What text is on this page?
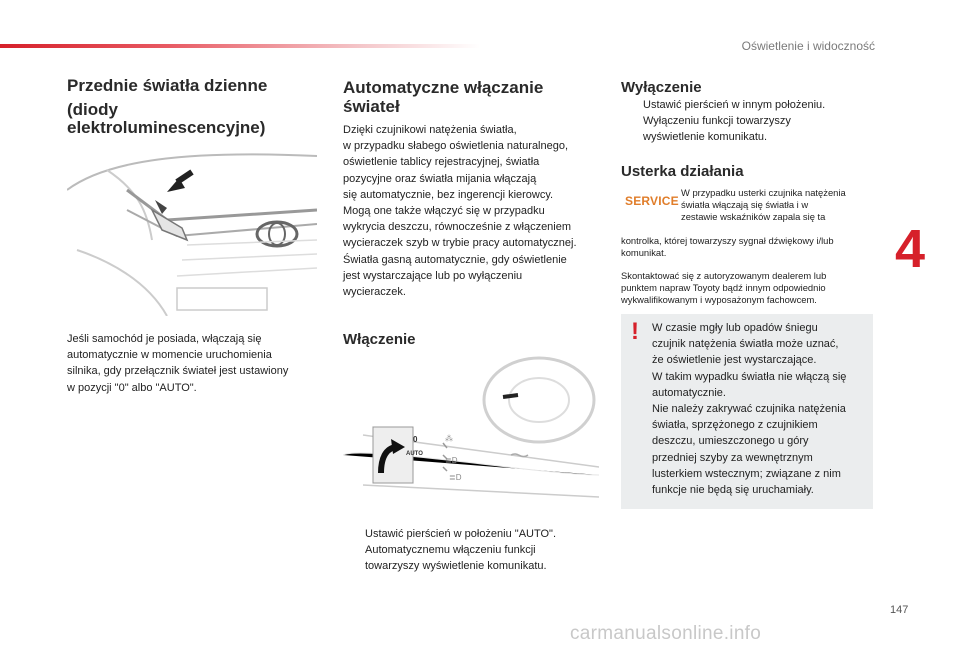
Oświetlenie i widoczność
Przednie światła dzienne
(diody
elektroluminescencyjne)
Jeśli samochód je posiada, włączają się
automatycznie w momencie uruchomienia
silnika, gdy przełącznik świateł jest ustawiony
w pozycji "0" albo "AUTO".
Automatyczne włączanie
świateł
Dzięki czujnikowi natężenia światła,
w przypadku słabego oświetlenia naturalnego,
oświetlenie tablicy rejestracyjnej, światła
pozycyjne oraz światła mijania włączają
się automatycznie, bez ingerencji kierowcy.
Mogą one także włączyć się w przypadku
wykrycia deszczu, równocześnie z włączeniem
wycieraczek szyb w trybie pracy automatycznej.
Światła gasną automatycznie, gdy oświetlenie
jest wystarczające lub po wyłączeniu
wycieraczek.
Włączenie
≣D
≣D
⁂
0
AUTO
Ustawić pierścień w położeniu "AUTO".
Automatycznemu włączeniu funkcji
towarzyszy wyświetlenie komunikatu.
Wyłączenie
Ustawić pierścień w innym położeniu.
Wyłączeniu funkcji towarzyszy
wyświetlenie komunikatu.
Usterka działania
SERVICE
W przypadku usterki czujnika natężenia
światła włączają się światła i w
zestawie wskaźników zapala się ta
kontrolka, której towarzyszy sygnał dźwiękowy i/lub
komunikat.
Skontaktować się z autoryzowanym dealerem lub
punktem napraw Toyoty bądź innym odpowiednio
wykwalifikowanym i wyposażonym fachowcem.
! W czasie mgły lub opadów śniegu
czujnik natężenia światła może uznać,
że oświetlenie jest wystarczające.
W takim wypadku światła nie włączą się
automatycznie.
Nie należy zakrywać czujnika natężenia
światła, sprzężonego z czujnikiem
deszczu, umieszczonego u góry
przedniej szyby za wewnętrznym
lusterkiem wstecznym; związane z nim
funkcje nie będą się uruchamiały.
4
147
carmanualsonline.info
